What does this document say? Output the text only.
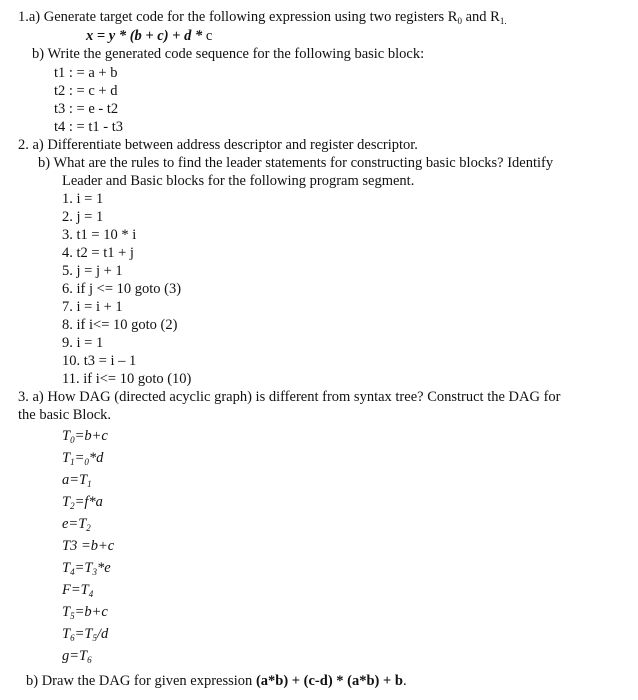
1.a) Generate target code for the following expression using two registers $R_0$ and $R_{1.}$
x = y * (b + c) + d * c
b) Write the generated code sequence for the following basic block:
t1 : = a + b
t2 : = c + d
t3 : = e - t2
t4 : = t1 - t3
2. a) Differentiate between address descriptor and register descriptor.
b) What are the rules to find the leader statements for constructing basic blocks? Identify
Leader and Basic blocks for the following program segment.
1. i = 1
2. j = 1
3. t1 = 10 * i
4. t2 = t1 + j
5. j = j + 1
6. if j <= 10 goto (3)
7. i = i + 1
8. if i<= 10 goto (2)
9. i = 1
10. t3 = i – 1
11. if i<= 10 goto (10)
3. a) How DAG (directed acyclic graph) is different from syntax tree? Construct the DAG for
the basic Block.
$T_0=b+c$
$T_1=_0*d$
$a=T_1$
$T_2=f*a$
$e=T_2$
T3 =b+c
$T_4=T_3*e$
$F=T_4$
$T_5=b+c$
$T_6=T_5/d$
$g=T_6$
b) Draw the DAG for given expression (a*b) + (c-d) * (a*b) + b.
